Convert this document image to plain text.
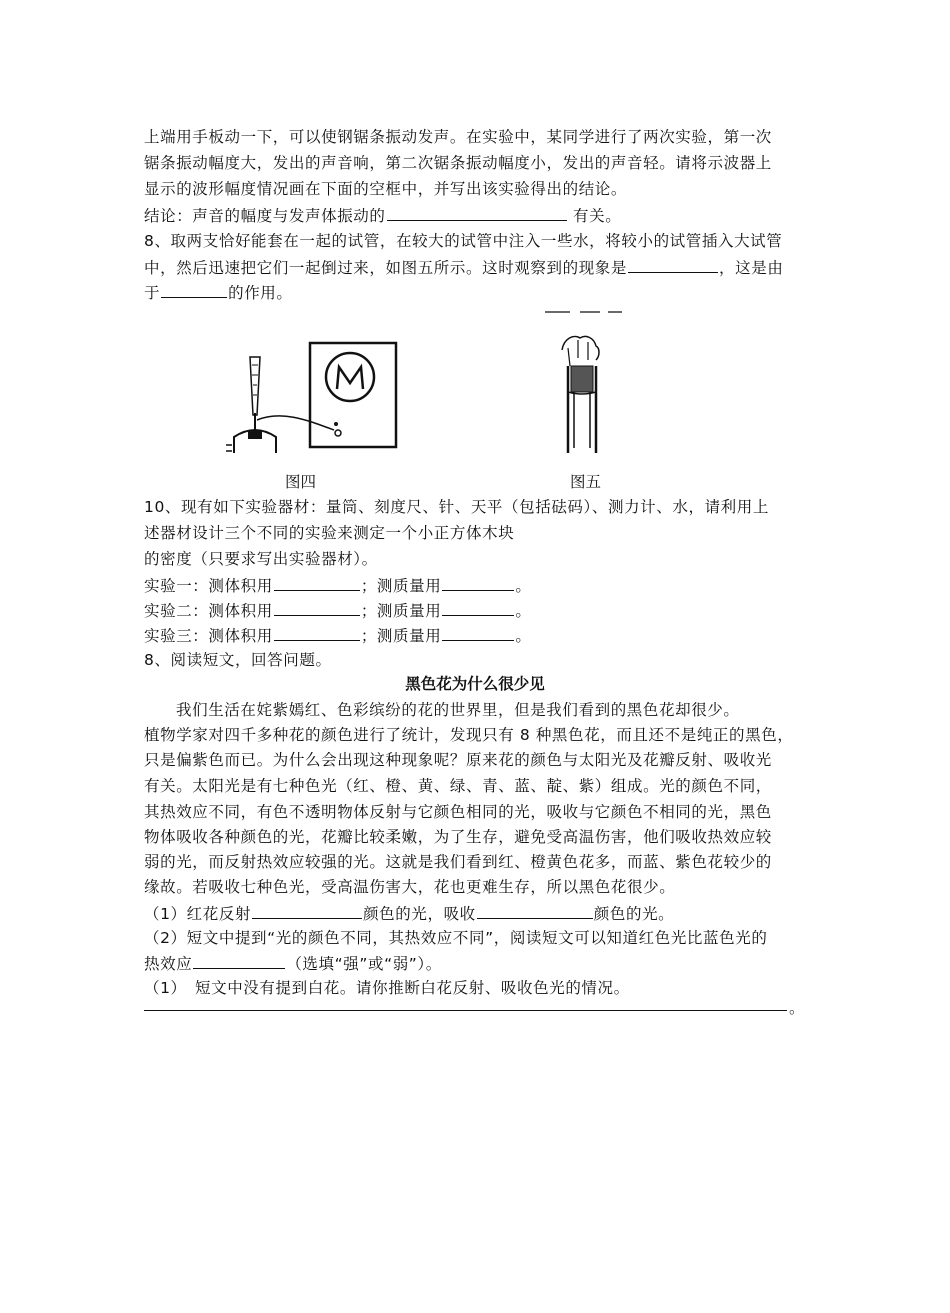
上端用手板动一下，可以使钢锯条振动发声。在实验中，某同学进行了两次实验，第一次
锯条振动幅度大，发出的声音响，第二次锯条振动幅度小，发出的声音轻。请将示波器上
显示的波形幅度情况画在下面的空框中，并写出该实验得出的结论。
结论：声音的幅度与发声体振动的	有关。
8、取两支恰好能套在一起的试管，在较大的试管中注入一些水，将较小的试管插入大试管
中，然后迅速把它们一起倒过来，如图五所示。这时观察到的现象是	，这是由
于	的作用。
图四	图五
10、现有如下实验器材：量筒、刻度尺、针、天平（包括砝码）、测力计、水，请利用上
述器材设计三个不同的实验来测定一个小正方体木块
的密度（只要求写出实验器材）。
实验一：测体积用	；测质量用	。
实验二：测体积用	；测质量用	。
实验三：测体积用	；测质量用	。
8、阅读短文，回答问题。
黑色花为什么很少见
我们生活在姹紫嫣红、色彩缤纷的花的世界里，但是我们看到的黑色花却很少。
植物学家对四千多种花的颜色进行了统计，发现只有 8 种黑色花，而且还不是纯正的黑色，
只是偏紫色而已。为什么会出现这种现象呢？原来花的颜色与太阳光及花瓣反射、吸收光
有关。太阳光是有七种色光（红、橙、黄、绿、青、蓝、靛、紫）组成。光的颜色不同，
其热效应不同，有色不透明物体反射与它颜色相同的光，吸收与它颜色不相同的光，黑色
物体吸收各种颜色的光，花瓣比较柔嫩，为了生存，避免受高温伤害，他们吸收热效应较
弱的光，而反射热效应较强的光。这就是我们看到红、橙黄色花多，而蓝、紫色花较少的
缘故。若吸收七种色光，受高温伤害大，花也更难生存，所以黑色花很少。
（1）红花反射	颜色的光，吸收	颜色的光。
（2）短文中提到“光的颜色不同，其热效应不同”，阅读短文可以知道红色光比蓝色光的
热效应	（选填“强”或“弱”）。
（1）　短文中没有提到白花。请你推断白花反射、吸收色光的情况。
。
